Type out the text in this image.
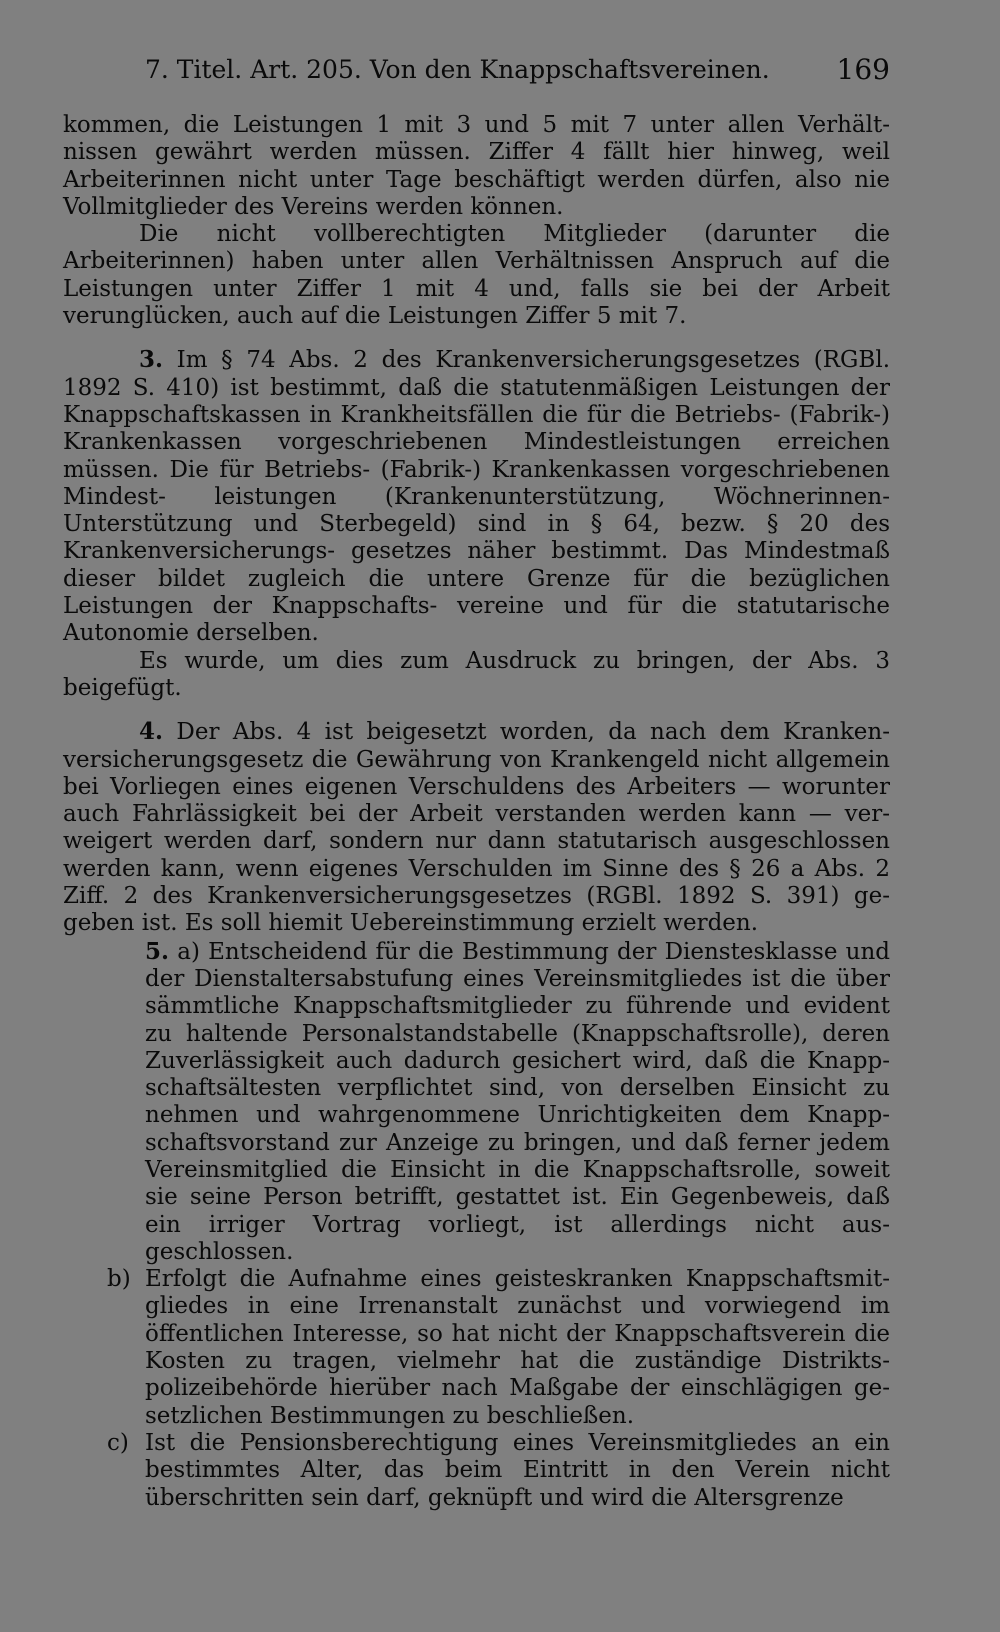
7. Titel. Art. 205. Von den Knappschaftsvereinen. 169

kommen, die Leistungen 1 mit 3 und 5 mit 7 unter allen Verhält- nissen gewährt werden müssen. Ziffer 4 fällt hier hinweg, weil Arbeiterinnen nicht unter Tage beschäftigt werden dürfen, also nie Vollmitglieder des Vereins werden können.

Die nicht vollberechtigten Mitglieder (darunter die Arbeiterinnen) haben unter allen Verhältnissen Anspruch auf die Leistungen unter Ziffer 1 mit 4 und, falls sie bei der Arbeit verunglücken, auch auf die Leistungen Ziffer 5 mit 7.

3. Im § 74 Abs. 2 des Krankenversicherungsgesetzes (RGBl. 1892 S. 410) ist bestimmt, daß die statutenmäßigen Leistungen der Knappschaftskassen in Krankheitsfällen die für die Betriebs- (Fabrik-) Krankenkassen vorgeschriebenen Mindestleistungen erreichen müssen. Die für Betriebs- (Fabrik-) Krankenkassen vorgeschriebenen Mindest- leistungen (Krankenunterstützung, Wöchnerinnen-Unterstützung und Sterbegeld) sind in § 64, bezw. § 20 des Krankenversicherungs- gesetzes näher bestimmt. Das Mindestmaß dieser bildet zugleich die untere Grenze für die bezüglichen Leistungen der Knappschafts- vereine und für die statutarische Autonomie derselben.

Es wurde, um dies zum Ausdruck zu bringen, der Abs. 3 beigefügt.

4. Der Abs. 4 ist beigesetzt worden, da nach dem Kranken- versicherungsgesetz die Gewährung von Krankengeld nicht allgemein bei Vorliegen eines eigenen Verschuldens des Arbeiters — worunter auch Fahrlässigkeit bei der Arbeit verstanden werden kann — ver- weigert werden darf, sondern nur dann statutarisch ausgeschlossen werden kann, wenn eigenes Verschulden im Sinne des § 26 a Abs. 2 Ziff. 2 des Krankenversicherungsgesetzes (RGBl. 1892 S. 391) ge- geben ist. Es soll hiemit Uebereinstimmung erzielt werden.

5. a) Entscheidend für die Bestimmung der Dienstesklasse und der Dienstaltersabstufung eines Vereinsmitgliedes ist die über sämmtliche Knappschaftsmitglieder zu führende und evident zu haltende Personalstandstabelle (Knappschaftsrolle), deren Zuverlässigkeit auch dadurch gesichert wird, daß die Knapp- schaftsältesten verpflichtet sind, von derselben Einsicht zu nehmen und wahrgenommene Unrichtigkeiten dem Knapp- schaftsvorstand zur Anzeige zu bringen, und daß ferner jedem Vereinsmitglied die Einsicht in die Knappschaftsrolle, soweit sie seine Person betrifft, gestattet ist. Ein Gegenbeweis, daß ein irriger Vortrag vorliegt, ist allerdings nicht aus- geschlossen.

b) Erfolgt die Aufnahme eines geisteskranken Knappschaftsmit- gliedes in eine Irrenanstalt zunächst und vorwiegend im öffentlichen Interesse, so hat nicht der Knappschaftsverein die Kosten zu tragen, vielmehr hat die zuständige Distrikts- polizeibehörde hierüber nach Maßgabe der einschlägigen ge- setzlichen Bestimmungen zu beschließen.

c) Ist die Pensionsberechtigung eines Vereinsmitgliedes an ein bestimmtes Alter, das beim Eintritt in den Verein nicht überschritten sein darf, geknüpft und wird die Altersgrenze
